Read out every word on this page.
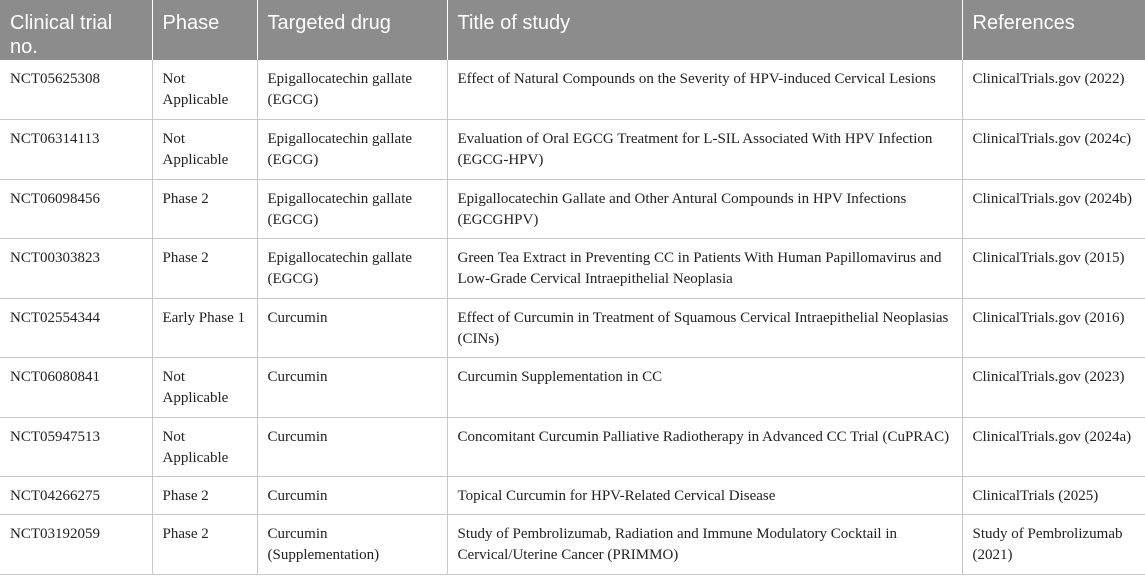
Clinical trial no.	Phase	Targeted drug	Title of study	References
NCT05625308	Not Applicable	Epigallocatechin gallate (EGCG)	Effect of Natural Compounds on the Severity of HPV-induced Cervical Lesions	ClinicalTrials.gov (2022)
NCT06314113	Not Applicable	Epigallocatechin gallate (EGCG)	Evaluation of Oral EGCG Treatment for L-SIL Associated With HPV Infection (EGCG-HPV)	ClinicalTrials.gov (2024c)
NCT06098456	Phase 2	Epigallocatechin gallate (EGCG)	Epigallocatechin Gallate and Other Antural Compounds in HPV Infections (EGCGHPV)	ClinicalTrials.gov (2024b)
NCT00303823	Phase 2	Epigallocatechin gallate (EGCG)	Green Tea Extract in Preventing CC in Patients With Human Papillomavirus and Low-Grade Cervical Intraepithelial Neoplasia	ClinicalTrials.gov (2015)
NCT02554344	Early Phase 1	Curcumin	Effect of Curcumin in Treatment of Squamous Cervical Intraepithelial Neoplasias (CINs)	ClinicalTrials.gov (2016)
NCT06080841	Not Applicable	Curcumin	Curcumin Supplementation in CC	ClinicalTrials.gov (2023)
NCT05947513	Not Applicable	Curcumin	Concomitant Curcumin Palliative Radiotherapy in Advanced CC Trial (CuPRAC)	ClinicalTrials.gov (2024a)
NCT04266275	Phase 2	Curcumin	Topical Curcumin for HPV-Related Cervical Disease	ClinicalTrials (2025)
NCT03192059	Phase 2	Curcumin (Supplementation)	Study of Pembrolizumab, Radiation and Immune Modulatory Cocktail in Cervical/Uterine Cancer (PRIMMO)	Study of Pembrolizumab (2021)
